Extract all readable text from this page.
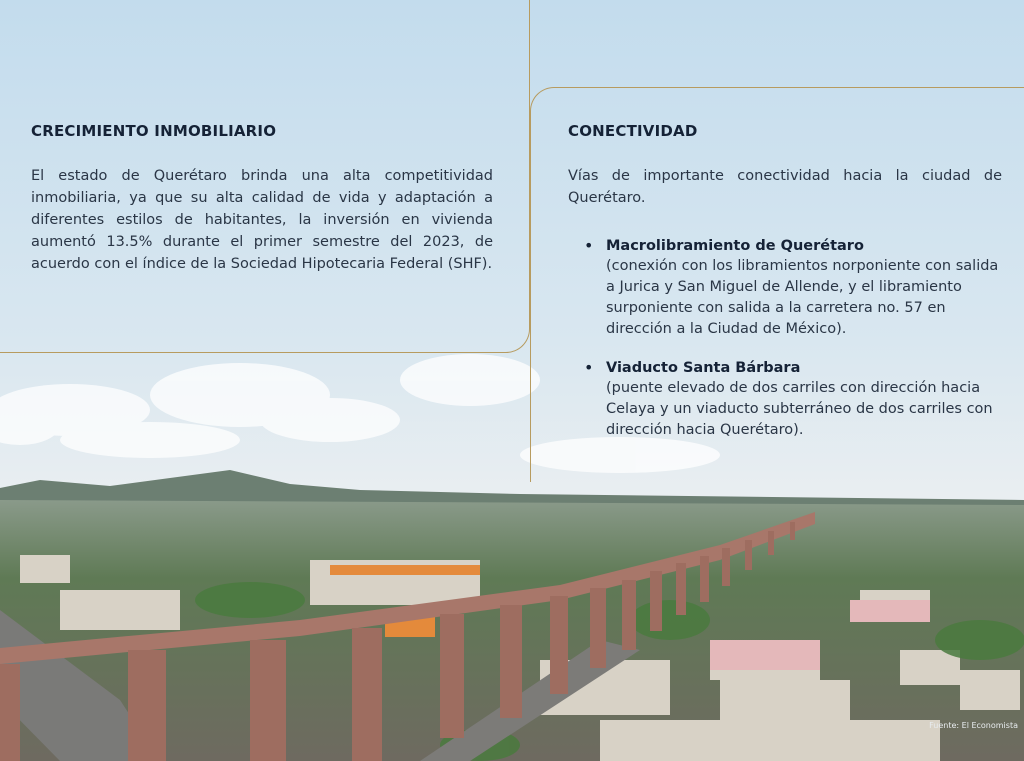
CRECIMIENTO INMOBILIARIO

El estado de Querétaro brinda una alta competitividad inmobiliaria, ya que su alta calidad de vida y adaptación a diferentes estilos de habitantes, la inversión en vivienda aumentó 13.5% durante el primer semestre del 2023, de acuerdo con el índice de la Sociedad Hipotecaria Federal (SHF).

CONECTIVIDAD

Vías de importante conectividad hacia la ciudad de Querétaro.

• Macrolibramiento de Querétaro
(conexión con los libramientos norponiente con salida a Jurica y San Miguel de Allende, y el libramiento surponiente con salida a la carretera no. 57 en dirección a la Ciudad de México).
• Viaducto Santa Bárbara
(puente elevado de dos carriles con dirección hacia Celaya y un viaducto subterráneo de dos carriles con dirección hacia Querétaro).
Fuente: El Economista
